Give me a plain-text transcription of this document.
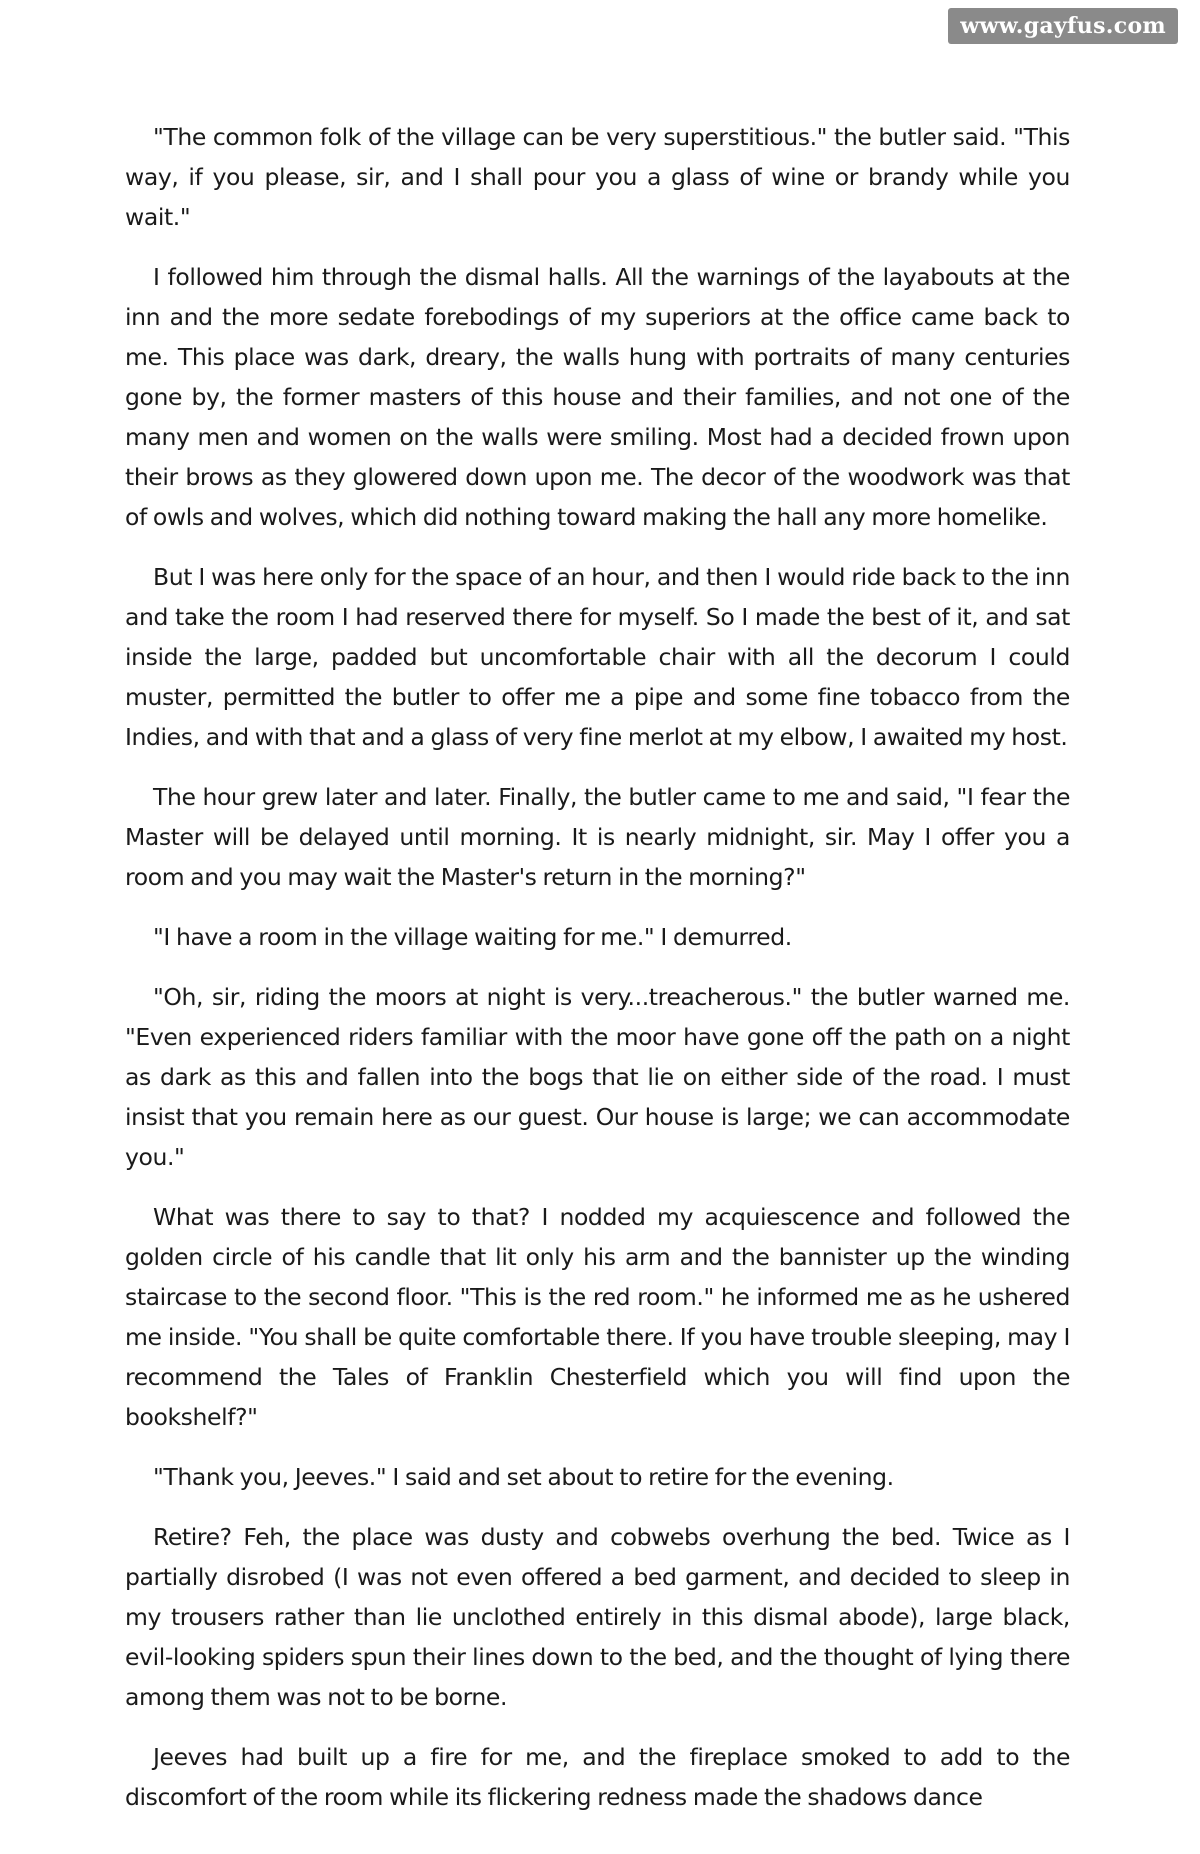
www.gayfus.com

"The common folk of the village can be very superstitious." the butler said. "This way, if you please, sir, and I shall pour you a glass of wine or brandy while you wait."

I followed him through the dismal halls. All the warnings of the layabouts at the inn and the more sedate forebodings of my superiors at the office came back to me. This place was dark, dreary, the walls hung with portraits of many centuries gone by, the former masters of this house and their families, and not one of the many men and women on the walls were smiling. Most had a decided frown upon their brows as they glowered down upon me. The decor of the woodwork was that of owls and wolves, which did nothing toward making the hall any more homelike.

But I was here only for the space of an hour, and then I would ride back to the inn and take the room I had reserved there for myself. So I made the best of it, and sat inside the large, padded but uncomfortable chair with all the decorum I could muster, permitted the butler to offer me a pipe and some fine tobacco from the Indies, and with that and a glass of very fine merlot at my elbow, I awaited my host.

The hour grew later and later. Finally, the butler came to me and said, "I fear the Master will be delayed until morning. It is nearly midnight, sir. May I offer you a room and you may wait the Master's return in the morning?"

"I have a room in the village waiting for me." I demurred.

"Oh, sir, riding the moors at night is very...treacherous." the butler warned me. "Even experienced riders familiar with the moor have gone off the path on a night as dark as this and fallen into the bogs that lie on either side of the road. I must insist that you remain here as our guest. Our house is large; we can accommodate you."

What was there to say to that? I nodded my acquiescence and followed the golden circle of his candle that lit only his arm and the bannister up the winding staircase to the second floor. "This is the red room." he informed me as he ushered me inside. "You shall be quite comfortable there. If you have trouble sleeping, may I recommend the Tales of Franklin Chesterfield which you will find upon the bookshelf?"

"Thank you, Jeeves." I said and set about to retire for the evening.

Retire? Feh, the place was dusty and cobwebs overhung the bed. Twice as I partially disrobed (I was not even offered a bed garment, and decided to sleep in my trousers rather than lie unclothed entirely in this dismal abode), large black, evil-looking spiders spun their lines down to the bed, and the thought of lying there among them was not to be borne.

Jeeves had built up a fire for me, and the fireplace smoked to add to the discomfort of the room while its flickering redness made the shadows dance
